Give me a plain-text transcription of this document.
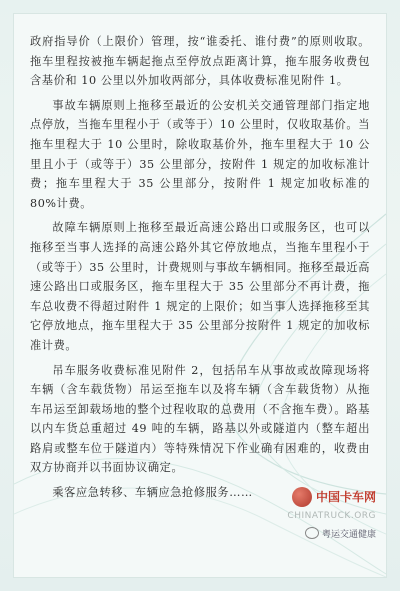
政府指导价（上限价）管理，按“谁委托、谁付费”的原则收取。拖车里程按被拖车辆起拖点至停放点距离计算，拖车服务收费包含基价和 10 公里以外加收两部分，具体收费标准见附件 1。

事故车辆原则上拖移至最近的公安机关交通管理部门指定地点停放，当拖车里程小于（或等于）10 公里时，仅收取基价。当拖车里程大于 10 公里时，除收取基价外，拖车里程大于 10 公里且小于（或等于）35 公里部分，按附件 1 规定的加收标准计费；拖车里程大于 35 公里部分，按附件 1 规定加收标准的 80%计费。

故障车辆原则上拖移至最近高速公路出口或服务区，也可以拖移至当事人选择的高速公路外其它停放地点，当拖车里程小于（或等于）35 公里时，计费规则与事故车辆相同。拖移至最近高速公路出口或服务区，拖车里程大于 35 公里部分不再计费，拖车总收费不得超过附件 1 规定的上限价；如当事人选择拖移至其它停放地点，拖车里程大于 35 公里部分按附件 1 规定的加收标准计费。

吊车服务收费标准见附件 2，包括吊车从事故或故障现场将车辆（含车载货物）吊运至拖车以及将车辆（含车载货物）从拖车吊运至卸载场地的整个过程收取的总费用（不含拖车费）。路基以内车货总重超过 49 吨的车辆，路基以外或隧道内（整车超出路肩或整车位于隧道内）等特殊情况下作业确有困难的，收费由双方协商并以书面协议确定。

乘客应急转移、车辆应急抢修服务……	中国卡车网
CHINATRUCK.ORG
粤运交通健康
